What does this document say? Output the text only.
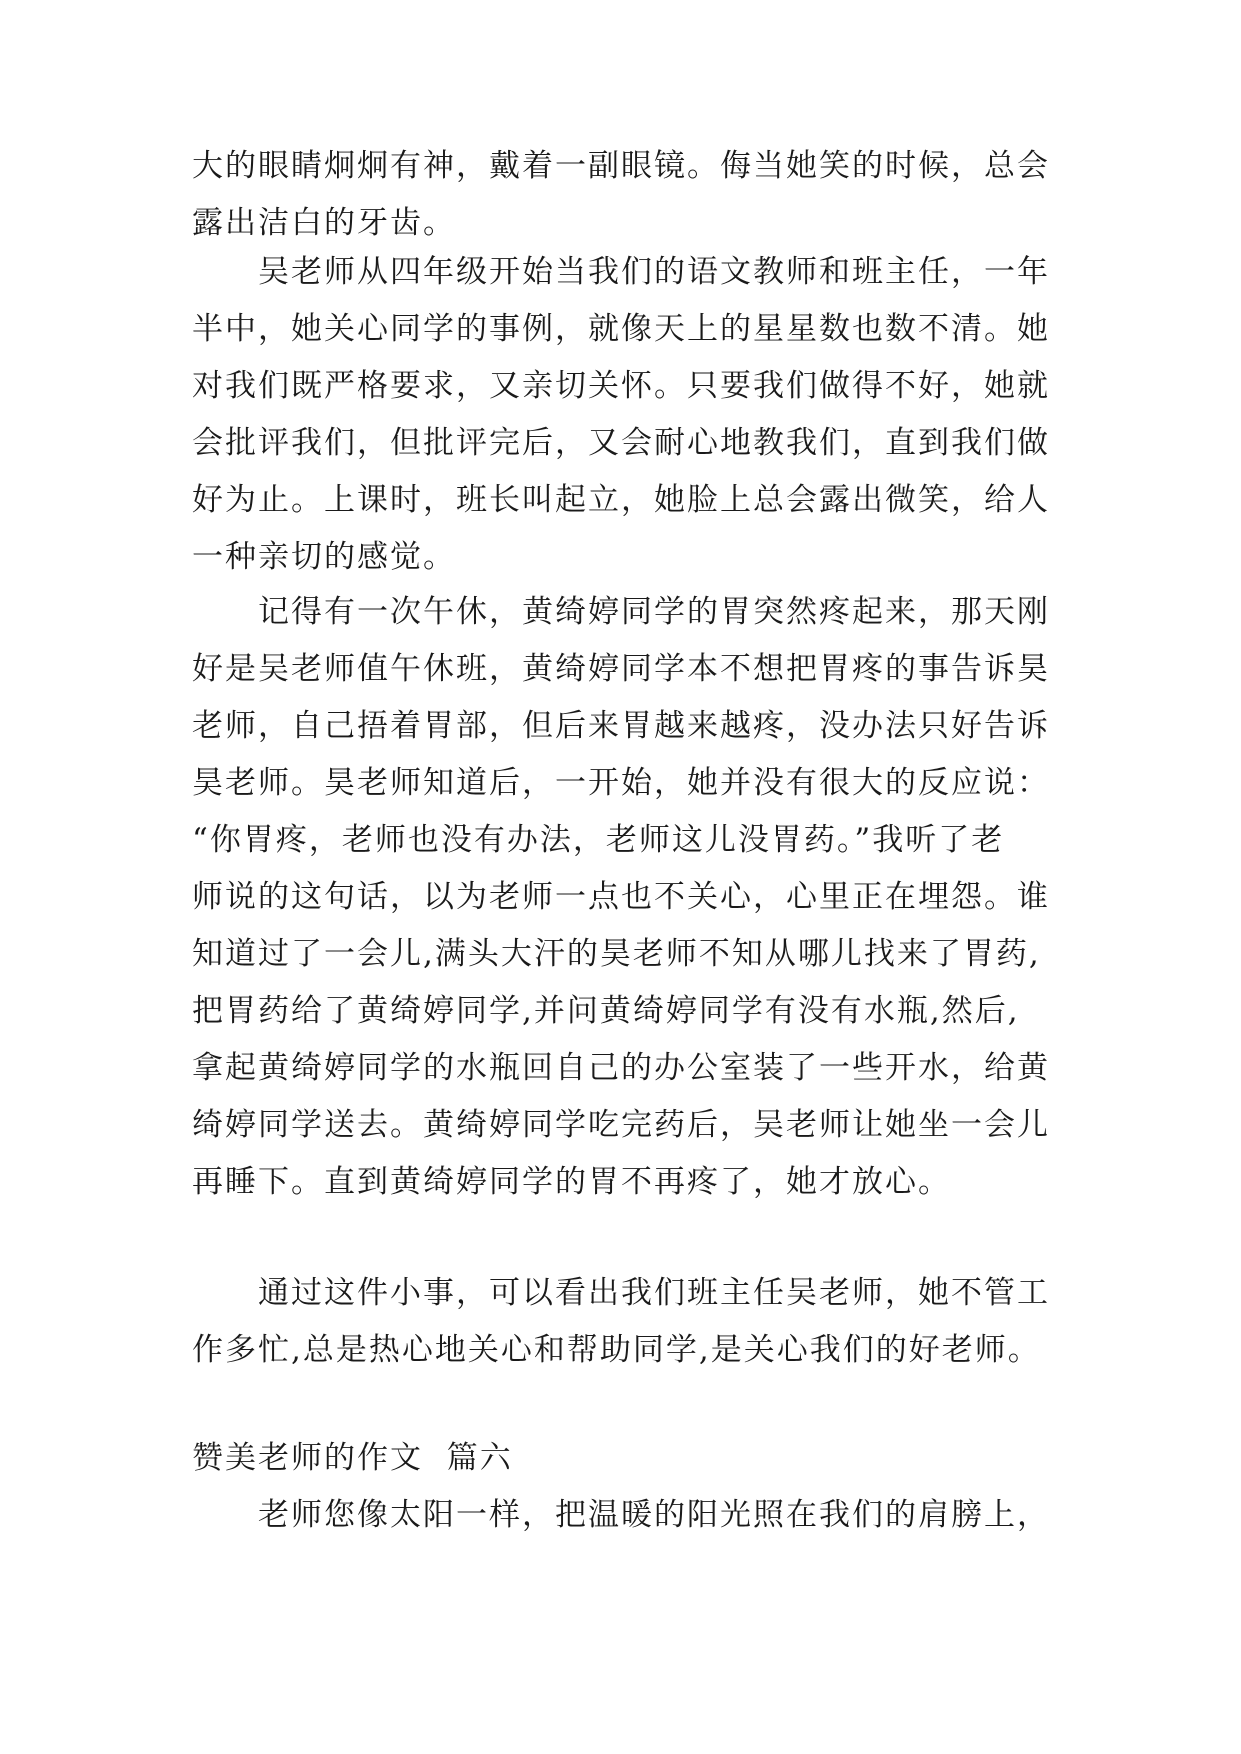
大的眼睛炯炯有神，戴着一副眼镜。侮当她笑的时候，总会
露出洁白的牙齿。
吴老师从四年级开始当我们的语文教师和班主任，一年
半中，她关心同学的事例，就像天上的星星数也数不清。她
对我们既严格要求，又亲切关怀。只要我们做得不好，她就
会批评我们，但批评完后，又会耐心地教我们，直到我们做
好为止。上课时，班长叫起立，她脸上总会露出微笑，给人
一种亲切的感觉。
记得有一次午休，黄绮婷同学的胃突然疼起来，那天刚
好是吴老师值午休班，黄绮婷同学本不想把胃疼的事告诉昊
老师，自己捂着胃部，但后来胃越来越疼，没办法只好告诉
昊老师。昊老师知道后，一开始，她并没有很大的反应说：
“你胃疼，老师也没有办法，老师这儿没胃药。”我听了老
师说的这句话，以为老师一点也不关心，心里正在埋怨。谁
知道过了一会儿,满头大汗的昊老师不知从哪儿找来了胃药,
把胃药给了黄绮婷同学,并问黄绮婷同学有没有水瓶,然后,
拿起黄绮婷同学的水瓶回自己的办公室装了一些开水，给黄
绮婷同学送去。黄绮婷同学吃完药后，吴老师让她坐一会儿
再睡下。直到黄绮婷同学的胃不再疼了，她才放心。
通过这件小事，可以看出我们班主任吴老师，她不管工
作多忙,总是热心地关心和帮助同学,是关心我们的好老师。
赞美老师的作文  篇六
老师您像太阳一样，把温暖的阳光照在我们的肩膀上，
